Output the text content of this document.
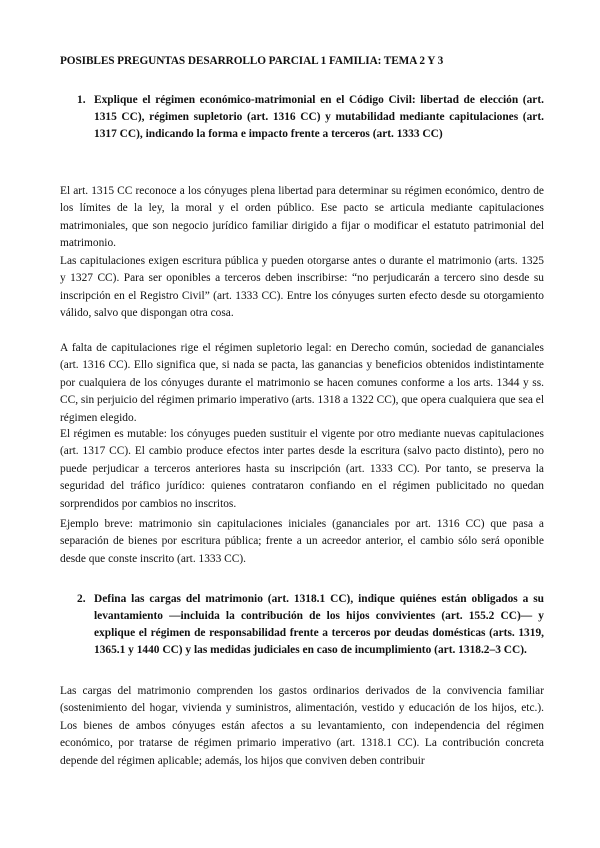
POSIBLES PREGUNTAS DESARROLLO PARCIAL 1 FAMILIA: TEMA 2 Y 3
1. Explique el régimen económico-matrimonial en el Código Civil: libertad de elección (art. 1315 CC), régimen supletorio (art. 1316 CC) y mutabilidad mediante capitulaciones (art. 1317 CC), indicando la forma e impacto frente a terceros (art. 1333 CC)
El art. 1315 CC reconoce a los cónyuges plena libertad para determinar su régimen económico, dentro de los límites de la ley, la moral y el orden público. Ese pacto se articula mediante capitulaciones matrimoniales, que son negocio jurídico familiar dirigido a fijar o modificar el estatuto patrimonial del matrimonio.
Las capitulaciones exigen escritura pública y pueden otorgarse antes o durante el matrimonio (arts. 1325 y 1327 CC). Para ser oponibles a terceros deben inscribirse: “no perjudicarán a tercero sino desde su inscripción en el Registro Civil” (art. 1333 CC). Entre los cónyuges surten efecto desde su otorgamiento válido, salvo que dispongan otra cosa.
A falta de capitulaciones rige el régimen supletorio legal: en Derecho común, sociedad de gananciales (art. 1316 CC). Ello significa que, si nada se pacta, las ganancias y beneficios obtenidos indistintamente por cualquiera de los cónyuges durante el matrimonio se hacen comunes conforme a los arts. 1344 y ss. CC, sin perjuicio del régimen primario imperativo (arts. 1318 a 1322 CC), que opera cualquiera que sea el régimen elegido.
El régimen es mutable: los cónyuges pueden sustituir el vigente por otro mediante nuevas capitulaciones (art. 1317 CC). El cambio produce efectos inter partes desde la escritura (salvo pacto distinto), pero no puede perjudicar a terceros anteriores hasta su inscripción (art. 1333 CC). Por tanto, se preserva la seguridad del tráfico jurídico: quienes contrataron confiando en el régimen publicitado no quedan sorprendidos por cambios no inscritos.
Ejemplo breve: matrimonio sin capitulaciones iniciales (gananciales por art. 1316 CC) que pasa a separación de bienes por escritura pública; frente a un acreedor anterior, el cambio sólo será oponible desde que conste inscrito (art. 1333 CC).
2. Defina las cargas del matrimonio (art. 1318.1 CC), indique quiénes están obligados a su levantamiento —incluida la contribución de los hijos convivientes (art. 155.2 CC)— y explique el régimen de responsabilidad frente a terceros por deudas domésticas (arts. 1319, 1365.1 y 1440 CC) y las medidas judiciales en caso de incumplimiento (art. 1318.2–3 CC).
Las cargas del matrimonio comprenden los gastos ordinarios derivados de la convivencia familiar (sostenimiento del hogar, vivienda y suministros, alimentación, vestido y educación de los hijos, etc.). Los bienes de ambos cónyuges están afectos a su levantamiento, con independencia del régimen económico, por tratarse de régimen primario imperativo (art. 1318.1 CC). La contribución concreta depende del régimen aplicable; además, los hijos que conviven deben contribuir
